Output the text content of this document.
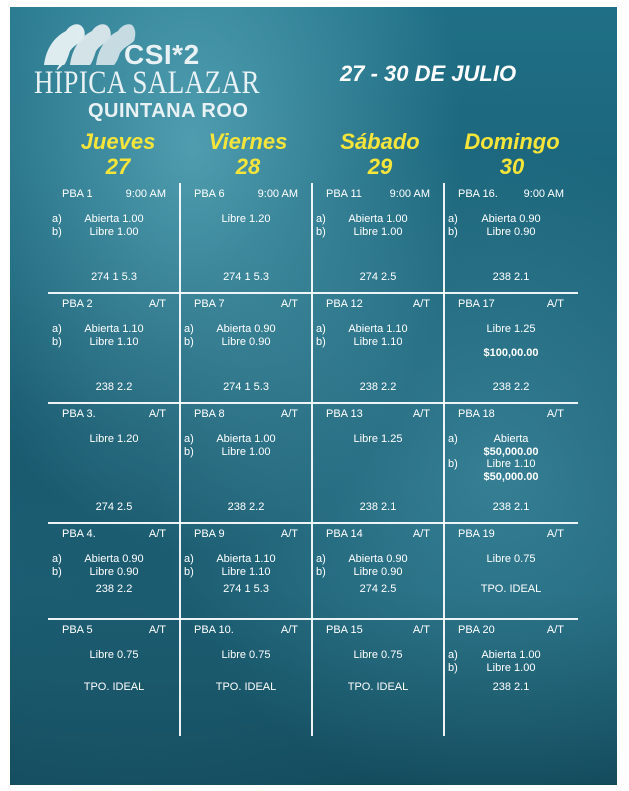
CSI*2
HÍPICA SALAZAR
QUINTANA ROO
27 - 30 DE JULIO
Jueves
27
Viernes
28
Sábado
29
Domingo
30
PBA 1	9:00 AM
a) Abierta 1.00
b)	Libre 1.00
274 1 5.3
PBA 6	9:00 AM
Libre 1.20
274 1 5.3
PBA 11	9:00 AM
a) Abierta 1.00
b)	Libre 1.00
274 2.5
PBA 16. 9:00 AM
a) Abierta 0.90
b)	Libre 0.90
238 2.1
PBA 2	A/T
a) Abierta 1.10
b)	Libre 1.10
238 2.2
PBA 7	A/T
a) Abierta 0.90
b)	Libre 0.90
274 1 5.3
PBA 12	A/T
a) Abierta 1.10
b)	Libre 1.10
238 2.2
PBA 17	A/T
Libre 1.25
$100,00.00
238 2.2
PBA 3.	A/T
Libre 1.20
274 2.5
PBA 8	A/T
a) Abierta 1.00
b)	Libre 1.00
238 2.2
PBA 13	A/T
Libre 1.25
238 2.1
PBA 18	A/T
a)	Abierta
$50,000.00
b)	Libre 1.10
$50,000.00
238 2.1
PBA 4.	A/T
a) Abierta 0.90
b)	Libre 0.90
238 2.2
PBA 9	A/T
a) Abierta 1.10
b)	Libre 1.10
274 1 5.3
PBA 14	A/T
a) Abierta 0.90
b)	Libre 0.90
274 2.5
PBA 19	A/T
Libre 0.75
TPO. IDEAL
PBA 5	A/T
Libre 0.75
TPO. IDEAL
PBA 10.	A/T
Libre 0.75
TPO. IDEAL
PBA 15	A/T
Libre 0.75
TPO. IDEAL
PBA 20	A/T
a) Abierta 1.00
b)	Libre 1.00
238 2.1
